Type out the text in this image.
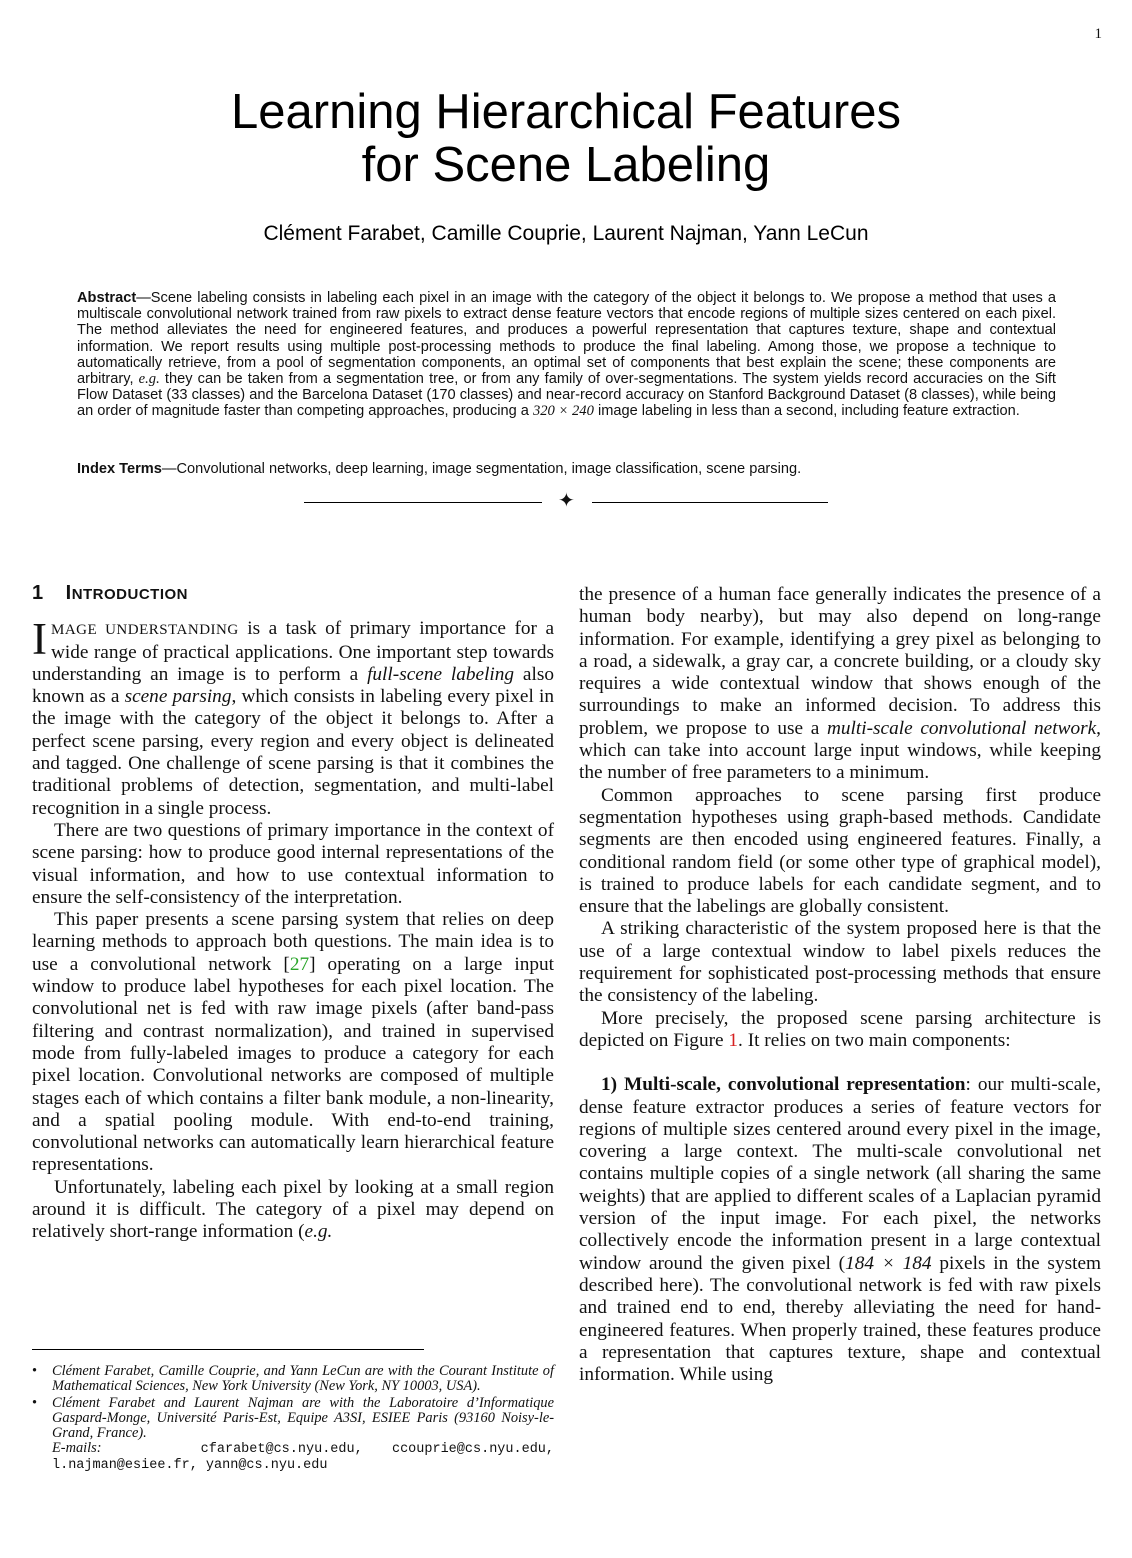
1
Learning Hierarchical Features
for Scene Labeling
Clément Farabet, Camille Couprie, Laurent Najman, Yann LeCun

Abstract—Scene labeling consists in labeling each pixel in an image with the category of the object it belongs to. We propose a method that uses a multiscale convolutional network trained from raw pixels to extract dense feature vectors that encode regions of multiple sizes centered on each pixel. The method alleviates the need for engineered features, and produces a powerful representation that captures texture, shape and contextual information. We report results using multiple post-processing methods to produce the final labeling. Among those, we propose a technique to automatically retrieve, from a pool of segmentation components, an optimal set of components that best explain the scene; these components are arbitrary, e.g. they can be taken from a segmentation tree, or from any family of over-segmentations. The system yields record accuracies on the Sift Flow Dataset (33 classes) and the Barcelona Dataset (170 classes) and near-record accuracy on Stanford Background Dataset (8 classes), while being an order of magnitude faster than competing approaches, producing a 320 × 240 image labeling in less than a second, including feature extraction.

Index Terms—Convolutional networks, deep learning, image segmentation, image classification, scene parsing.

✦
1 INTRODUCTION

IMAGE UNDERSTANDING is a task of primary importance for a wide range of practical applications. One important step towards understanding an image is to perform a full-scene labeling also known as a scene parsing, which consists in labeling every pixel in the image with the category of the object it belongs to. After a perfect scene parsing, every region and every object is delineated and tagged. One challenge of scene parsing is that it combines the traditional problems of detection, segmentation, and multi-label recognition in a single process.

There are two questions of primary importance in the context of scene parsing: how to produce good internal representations of the visual information, and how to use contextual information to ensure the self-consistency of the interpretation.

This paper presents a scene parsing system that relies on deep learning methods to approach both questions. The main idea is to use a convolutional network [27] operating on a large input window to produce label hypotheses for each pixel location. The convolutional net is fed with raw image pixels (after band-pass filtering and contrast normalization), and trained in supervised mode from fully-labeled images to produce a category for each pixel location. Convolutional networks are composed of multiple stages each of which contains a filter bank module, a non-linearity, and a spatial pooling module. With end-to-end training, convolutional networks can automatically learn hierarchical feature representations.

Unfortunately, labeling each pixel by looking at a small region around it is difficult. The category of a pixel may depend on relatively short-range information (e.g.

• Clément Farabet, Camille Couprie, and Yann LeCun are with the Courant Institute of Mathematical Sciences, New York University (New York, NY 10003, USA).
• Clément Farabet and Laurent Najman are with the Laboratoire d’Informatique Gaspard-Monge, Université Paris-Est, Equipe A3SI, ESIEE Paris (93160 Noisy-le-Grand, France).
E-mails:	cfarabet@cs.nyu.edu, ccouprie@cs.nyu.edu, l.najman@esiee.fr, yann@cs.nyu.edu

the presence of a human face generally indicates the presence of a human body nearby), but may also depend on long-range information. For example, identifying a grey pixel as belonging to a road, a sidewalk, a gray car, a concrete building, or a cloudy sky requires a wide contextual window that shows enough of the surroundings to make an informed decision. To address this problem, we propose to use a multi-scale convolutional network, which can take into account large input windows, while keeping the number of free parameters to a minimum.

Common approaches to scene parsing first produce segmentation hypotheses using graph-based methods. Candidate segments are then encoded using engineered features. Finally, a conditional random field (or some other type of graphical model), is trained to produce labels for each candidate segment, and to ensure that the labelings are globally consistent.

A striking characteristic of the system proposed here is that the use of a large contextual window to label pixels reduces the requirement for sophisticated post-processing methods that ensure the consistency of the labeling.

More precisely, the proposed scene parsing architecture is depicted on Figure 1. It relies on two main components:

1) Multi-scale, convolutional representation: our multi-scale, dense feature extractor produces a series of feature vectors for regions of multiple sizes centered around every pixel in the image, covering a large context. The multi-scale convolutional net contains multiple copies of a single network (all sharing the same weights) that are applied to different scales of a Laplacian pyramid version of the input image. For each pixel, the networks collectively encode the information present in a large contextual window around the given pixel (184 × 184 pixels in the system described here). The convolutional network is fed with raw pixels and trained end to end, thereby alleviating the need for hand-engineered features. When properly trained, these features produce a representation that captures texture, shape and contextual information. While using
